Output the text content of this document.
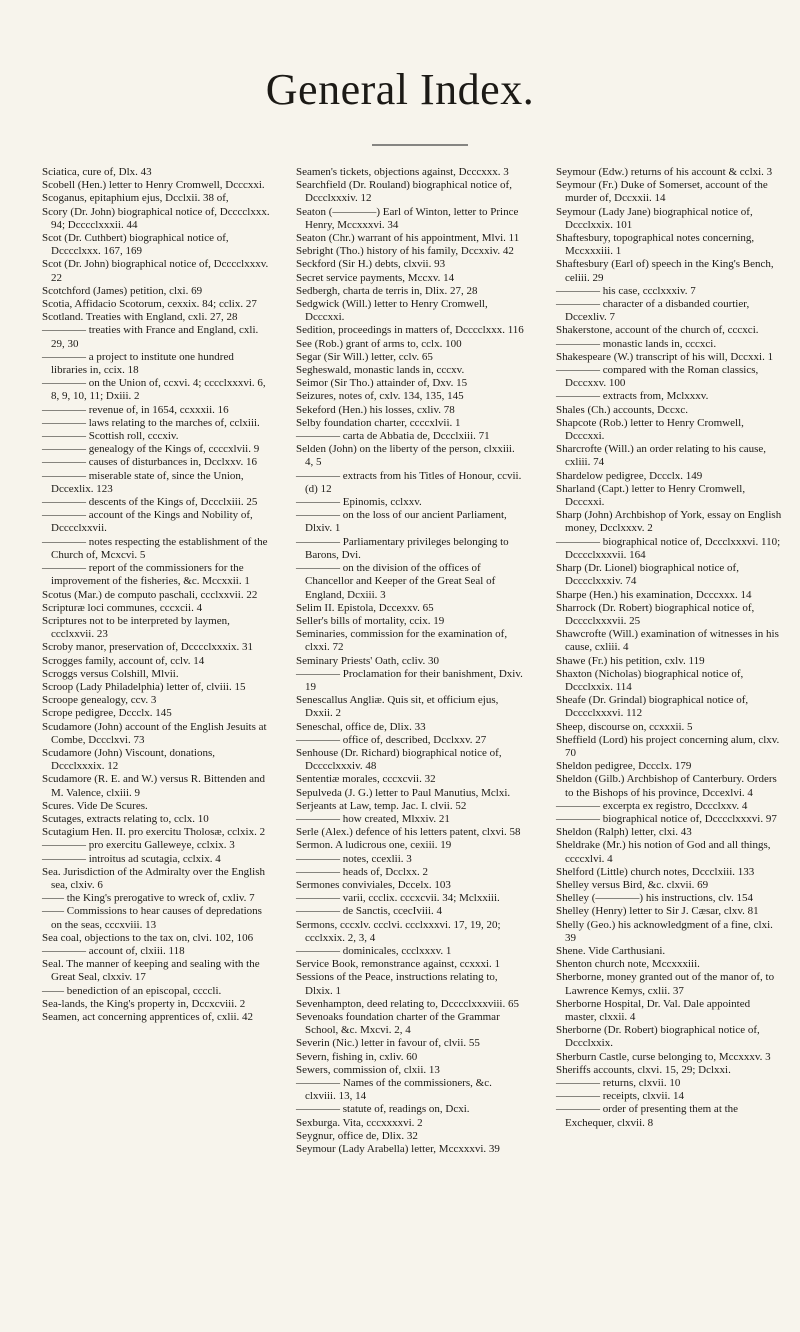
General Index.
Sciatica, cure of, Dlx. 43
Scobell (Hen.) letter to Henry Cromwell, Dcccxxi.
Scoganus, epitaphium ejus, Dcclxii. 38 of,
Scory (Dr. John) biographical notice of, Dcccclxxx. 94; Dcccclxxxii. 44
Scot (Dr. Cuthbert) biographical notice of, Dcccclxxx. 167, 169
Scot (Dr. John) biographical notice of, Dcccclxxxv. 22
Scotchford (James) petition, clxi. 69
Scotia, Affidacio Scotorum, cexxix. 84; cclix. 27
Scotland. Treaties with England, cxli. 27, 28
———— treaties with France and England, cxli. 29, 30
———— a project to institute one hundred libraries in, ccix. 18
———— on the Union of, ccxvi. 4; cccclxxxvi. 6, 8, 9, 10, 11; Dxiii. 2
———— revenue of, in 1654, ccxxxii. 16
———— laws relating to the marches of, cclxiii.
———— Scottish roll, cccxiv.
———— genealogy of the Kings of, ccccxlvii. 9
———— causes of disturbances in, Dcclxxv. 16
———— miserable state of, since the Union, Dccexlix. 123
———— descents of the Kings of, Dccclxiii. 25
———— account of the Kings and Nobility of, Dcccclxxvii.
———— notes respecting the establishment of the Church of, Mcxcvi. 5
———— report of the commissioners for the improvement of the fisheries, &c. Mccxxii. 1
Scotus (Mar.) de computo paschali, ccclxxvii. 22
Scripturæ loci communes, cccxcii. 4
Scriptures not to be interpreted by laymen, ccclxxvii. 23
Scroby manor, preservation of, Dcccclxxxix. 31
Scrogges family, account of, cclv. 14
Scroggs versus Colshill, Mlvii.
Scroop (Lady Philadelphia) letter of, clviii. 15
Scroope genealogy, ccv. 3
Scrope pedigree, Dccclx. 145
Scudamore (John) account of the English Jesuits at Combe, Dccclxvi. 73
Scudamore (John) Viscount, donations, Dccclxxxix. 12
Scudamore (R. E. and W.) versus R. Bittenden and M. Valence, clxiii. 9
Scures. Vide De Scures.
Scutages, extracts relating to, cclx. 10
Scutagium Hen. II. pro exercitu Tholosæ, cclxix. 2
———— pro exercitu Galleweye, cclxix. 3
———— introitus ad scutagia, cclxix. 4
Sea. Jurisdiction of the Admiralty over the English sea, clxiv. 6
—— the King's prerogative to wreck of, cxliv. 7
—— Commissions to hear causes of depredations on the seas, cccxviii. 13
Sea coal, objections to the tax on, clvi. 102, 106
———— account of, clxiii. 118
Seal. The manner of keeping and sealing with the Great Seal, clxxiv. 17
—— benediction of an episcopal, ccccli.
Sea-lands, the King's property in, Dccxcviii. 2
Seamen, act concerning apprentices of, cxlii. 42
Seamen's tickets, objections against, Dcccxxx. 3
Searchfield (Dr. Rouland) biographical notice of, Dccclxxxiv. 12
Seaton (————) Earl of Winton, letter to Prince Henry, Mccxxxvi. 34
Seaton (Chr.) warrant of his appointment, Mlvi. 11
Sebright (Tho.) history of his family, Dccxxiv. 42
Seckford (Sir H.) debts, clxvii. 93
Secret service payments, Mccxv. 14
Sedbergh, charta de terris in, Dlix. 27, 28
Sedgwick (Will.) letter to Henry Cromwell, Dcccxxi.
Sedition, proceedings in matters of, Dcccclxxx. 116
See (Rob.) grant of arms to, cclx. 100
Segar (Sir Will.) letter, cclv. 65
Segheswald, monastic lands in, cccxv.
Seimor (Sir Tho.) attainder of, Dxv. 15
Seizures, notes of, cxlv. 134, 135, 145
Sekeford (Hen.) his losses, cxliv. 78
Selby foundation charter, ccccxlvii. 1
———— carta de Abbatia de, Dccclxiii. 71
Selden (John) on the liberty of the person, clxxiii. 4, 5
———— extracts from his Titles of Honour, ccvii. (d) 12
———— Epinomis, cclxxv.
———— on the loss of our ancient Parliament, Dlxiv. 1
———— Parliamentary privileges belonging to Barons, Dvi.
———— on the division of the offices of Chancellor and Keeper of the Great Seal of England, Dcxiii. 3
Selim II. Epistola, Dccexxv. 65
Seller's bills of mortality, ccix. 19
Seminaries, commission for the examination of, clxxi. 72
Seminary Priests' Oath, ccliv. 30
———— Proclamation for their banishment, Dxiv. 19
Senescallus Angliæ. Quis sit, et officium ejus, Dxxii. 2
Seneschal, office de, Dlix. 33
———— office of, described, Dcclxxv. 27
Senhouse (Dr. Richard) biographical notice of, Dcccclxxxiv. 48
Sententiæ morales, cccxcvii. 32
Sepulveda (J. G.) letter to Paul Manutius, Mclxi.
Serjeants at Law, temp. Jac. I. clvii. 52
———— how created, Mlxxiv. 21
Serle (Alex.) defence of his letters patent, clxvi. 58
Sermon. A ludicrous one, cexiii. 19
———— notes, ccexlii. 3
———— heads of, Dcclxx. 2
Sermones conviviales, Dccelx. 103
———— varii, ccclix. cccxcvii. 34; Mclxxiii.
———— de Sanctis, ccecIviii. 4
Sermons, cccxlv. ccclvi. ccclxxxvi. 17, 19, 20; ccclxxix. 2, 3, 4
———— dominicales, ccclxxxv. 1
Service Book, remonstrance against, ccxxxi. 1
Sessions of the Peace, instructions relating to, Dlxix. 1
Sevenhampton, deed relating to, Dcccclxxxviii. 65
Sevenoaks foundation charter of the Grammar School, &c. Mxcvi. 2, 4
Severin (Nic.) letter in favour of, clvii. 55
Severn, fishing in, cxliv. 60
Sewers, commission of, clxii. 13
———— Names of the commissioners, &c. clxviii. 13, 14
———— statute of, readings on, Dcxi.
Sexburga. Vita, cccxxxxvi. 2
Seygnur, office de, Dlix. 32
Seymour (Lady Arabella) letter, Mccxxxvi. 39
Seymour (Edw.) returns of his account & cclxi. 3
Seymour (Fr.) Duke of Somerset, account of the murder of, Dccxxii. 14
Seymour (Lady Jane) biographical notice of, Dccclxxix. 101
Shaftesbury, topographical notes concerning, Mccxxxiii. 1
Shaftesbury (Earl of) speech in the King's Bench, celiii. 29
———— his case, ccclxxxiv. 7
———— character of a disbanded courtier, Dccexliv. 7
Shakerstone, account of the church of, cccxci.
———— monastic lands in, cccxci.
Shakespeare (W.) transcript of his will, Dccxxi. 1
———— compared with the Roman classics, Dcccxxv. 100
———— extracts from, Mclxxxv.
Shales (Ch.) accounts, Dccxc.
Shapcote (Rob.) letter to Henry Cromwell, Dcccxxi.
Sharcrofte (Will.) an order relating to his cause, cxliii. 74
Shardelow pedigree, Dccclx. 149
Sharland (Capt.) letter to Henry Cromwell, Dcccxxi.
Sharp (John) Archbishop of York, essay on English money, Dcclxxxv. 2
———— biographical notice of, Dccclxxxvi. 110; Dcccclxxxvii. 164
Sharp (Dr. Lionel) biographical notice of, Dcccclxxxiv. 74
Sharpe (Hen.) his examination, Dcccxxx. 14
Sharrock (Dr. Robert) biographical notice of, Dcccclxxxvii. 25
Shawcrofte (Will.) examination of witnesses in his cause, cxliii. 4
Shawe (Fr.) his petition, cxlv. 119
Shaxton (Nicholas) biographical notice of, Dccclxxix. 114
Sheafe (Dr. Grindal) biographical notice of, Dcccclxxxvi. 112
Sheep, discourse on, ccxxxii. 5
Sheffield (Lord) his project concerning alum, clxv. 70
Sheldon pedigree, Dccclx. 179
Sheldon (Gilb.) Archbishop of Canterbury. Orders to the Bishops of his province, Dccexlvi. 4
———— excerpta ex registro, Dccclxxv. 4
———— biographical notice of, Dcccclxxxvi. 97
Sheldon (Ralph) letter, clxi. 43
Sheldrake (Mr.) his notion of God and all things, ccccxlvi. 4
Shelford (Little) church notes, Dccclxiii. 133
Shelley versus Bird, &c. clxvii. 69
Shelley (————) his instructions, clv. 154
Shelley (Henry) letter to Sir J. Cæsar, clxv. 81
Shelly (Geo.) his acknowledgment of a fine, clxi. 39
Shene. Vide Carthusiani.
Shenton church note, Mccxxxiii.
Sherborne, money granted out of the manor of, to Lawrence Kemys, cxlii. 37
Sherborne Hospital, Dr. Val. Dale appointed master, clxxii. 4
Sherborne (Dr. Robert) biographical notice of, Dccclxxix.
Sherburn Castle, curse belonging to, Mccxxxv. 3
Sheriffs accounts, clxvi. 15, 29; Dclxxi.
———— returns, clxvii. 10
———— receipts, clxvii. 14
———— order of presenting them at the Exchequer, clxvii. 8
